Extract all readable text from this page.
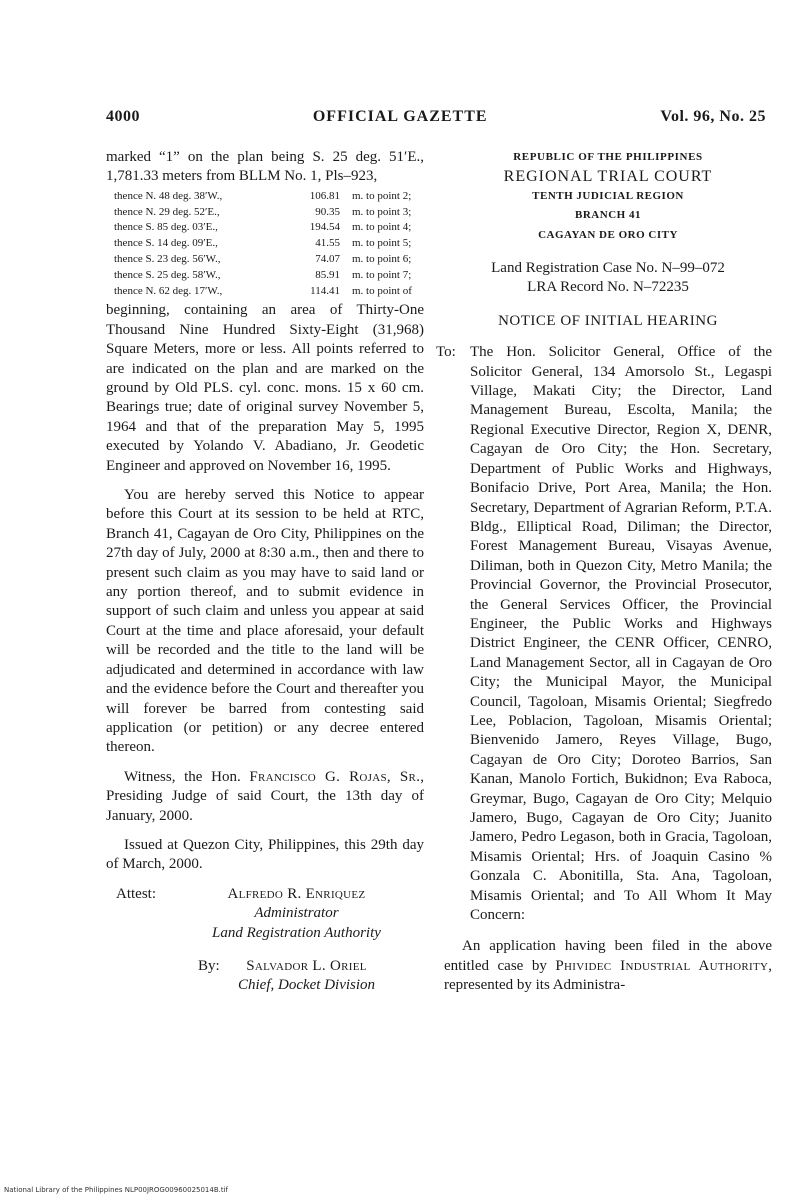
4000	OFFICIAL GAZETTE	Vol. 96, No. 25

marked “1” on the plan being S. 25 deg. 51′E., 1,781.33 meters from BLLM No. 1, Pls–923,

thence N. 48 deg. 38′W.,	106.81 m. to point 2;
thence N. 29 deg. 52′E.,	90.35 m. to point 3;
thence S. 85 deg. 03′E.,	194.54 m. to point 4;
thence S. 14 deg. 09′E.,	41.55 m. to point 5;
thence S. 23 deg. 56′W.,	74.07 m. to point 6;
thence S. 25 deg. 58′W.,	85.91 m. to point 7;
thence N. 62 deg. 17′W.,	114.41 m. to point of

beginning, containing an area of Thirty-One Thousand Nine Hundred Sixty-Eight (31,968) Square Meters, more or less. All points referred to are indicated on the plan and are marked on the ground by Old PLS. cyl. conc. mons. 15 x 60 cm. Bearings true; date of original survey November 5, 1964 and that of the preparation May 5, 1995 executed by Yolando V. Abadiano, Jr. Geodetic Engineer and approved on November 16, 1995.

You are hereby served this Notice to appear before this Court at its session to be held at RTC, Branch 41, Cagayan de Oro City, Philippines on the 27th day of July, 2000 at 8:30 a.m., then and there to present such claim as you may have to said land or any portion thereof, and to submit evidence in support of such claim and unless you appear at said Court at the time and place aforesaid, your default will be recorded and the title to the land will be adjudicated and determined in accordance with law and the evidence before the Court and thereafter you will forever be barred from contesting said application (or petition) or any decree entered thereon.

Witness, the Hon. Francisco G. Rojas, Sr., Presiding Judge of said Court, the 13th day of January, 2000.

Issued at Quezon City, Philippines, this 29th day of March, 2000.

Attest:	Alfredo R. Enriquez
Administrator
Land Registration Authority
By:	Salvador L. Oriel
Chief, Docket Division
REPUBLIC OF THE PHILIPPINES
REGIONAL TRIAL COURT
TENTH JUDICIAL REGION
BRANCH 41
CAGAYAN DE ORO CITY
Land Registration Case No. N–99–072
LRA Record No. N–72235
NOTICE OF INITIAL HEARING
To: The Hon. Solicitor General, Office of the Solicitor General, 134 Amorsolo St., Legaspi Village, Makati City; the Director, Land Management Bureau, Escolta, Manila; the Regional Executive Director, Region X, DENR, Cagayan de Oro City; the Hon. Secretary, Department of Public Works and Highways, Bonifacio Drive, Port Area, Manila; the Hon. Secretary, Department of Agrarian Reform, P.T.A. Bldg., Elliptical Road, Diliman; the Director, Forest Management Bureau, Visayas Avenue, Diliman, both in Quezon City, Metro Manila; the Provincial Governor, the Provincial Prosecutor, the General Services Officer, the Provincial Engineer, the Public Works and Highways District Engineer, the CENR Officer, CENRO, Land Management Sector, all in Cagayan de Oro City; the Municipal Mayor, the Municipal Council, Tagoloan, Misamis Oriental; Siegfredo Lee, Poblacion, Tagoloan, Misamis Oriental; Bienvenido Jamero, Reyes Village, Bugo, Cagayan de Oro City; Doroteo Barrios, San Kanan, Manolo Fortich, Bukidnon; Eva Raboca, Greymar, Bugo, Cagayan de Oro City; Melquio Jamero, Bugo, Cagayan de Oro City; Juanito Jamero, Pedro Legason, both in Gracia, Tagoloan, Misamis Oriental; Hrs. of Joaquin Casino % Gonzala C. Abonitilla, Sta. Ana, Tagoloan, Misamis Oriental; and To All Whom It May Concern:

An application having been filed in the above entitled case by Phividec Industrial Authority, represented by its Administra-

National Library of the Philippines NLP00JROG00960025014B.tif
